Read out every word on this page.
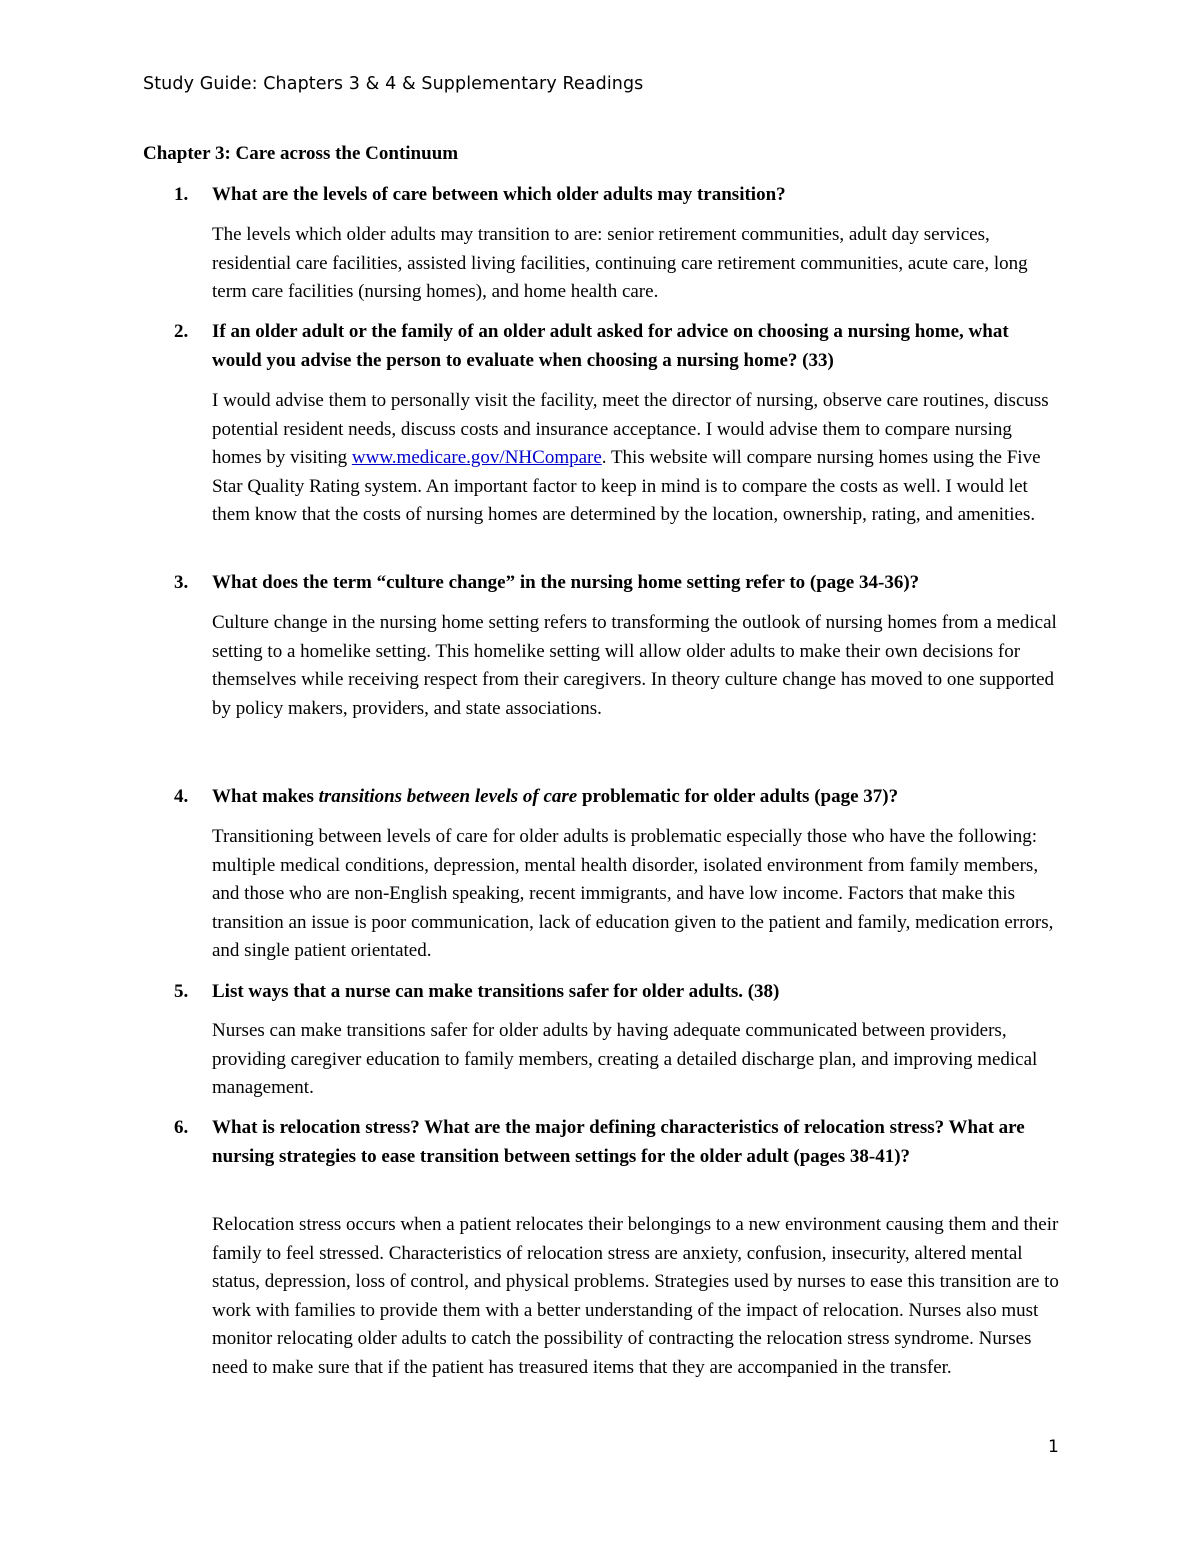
Study Guide: Chapters 3 & 4 & Supplementary Readings
Chapter 3: Care across the Continuum
1. What are the levels of care between which older adults may transition?
The levels which older adults may transition to are: senior retirement communities, adult day services, residential care facilities, assisted living facilities, continuing care retirement communities, acute care, long term care facilities (nursing homes), and home health care.
2. If an older adult or the family of an older adult asked for advice on choosing a nursing home, what would you advise the person to evaluate when choosing a nursing home? (33)
I would advise them to personally visit the facility, meet the director of nursing, observe care routines, discuss potential resident needs, discuss costs and insurance acceptance. I would advise them to compare nursing homes by visiting www.medicare.gov/NHCompare. This website will compare nursing homes using the Five Star Quality Rating system. An important factor to keep in mind is to compare the costs as well. I would let them know that the costs of nursing homes are determined by the location, ownership, rating, and amenities.
3. What does the term “culture change” in the nursing home setting refer to (page 34-36)?
Culture change in the nursing home setting refers to transforming the outlook of nursing homes from a medical setting to a homelike setting. This homelike setting will allow older adults to make their own decisions for themselves while receiving respect from their caregivers. In theory culture change has moved to one supported by policy makers, providers, and state associations.
4. What makes transitions between levels of care problematic for older adults (page 37)?
Transitioning between levels of care for older adults is problematic especially those who have the following: multiple medical conditions, depression, mental health disorder, isolated environment from family members, and those who are non-English speaking, recent immigrants, and have low income. Factors that make this transition an issue is poor communication, lack of education given to the patient and family, medication errors, and single patient orientated.
5. List ways that a nurse can make transitions safer for older adults. (38)
Nurses can make transitions safer for older adults by having adequate communicated between providers, providing caregiver education to family members, creating a detailed discharge plan, and improving medical management.
6. What is relocation stress? What are the major defining characteristics of relocation stress? What are nursing strategies to ease transition between settings for the older adult (pages 38-41)?
Relocation stress occurs when a patient relocates their belongings to a new environment causing them and their family to feel stressed. Characteristics of relocation stress are anxiety, confusion, insecurity, altered mental status, depression, loss of control, and physical problems. Strategies used by nurses to ease this transition are to work with families to provide them with a better understanding of the impact of relocation. Nurses also must monitor relocating older adults to catch the possibility of contracting the relocation stress syndrome. Nurses need to make sure that if the patient has treasured items that they are accompanied in the transfer.
1
